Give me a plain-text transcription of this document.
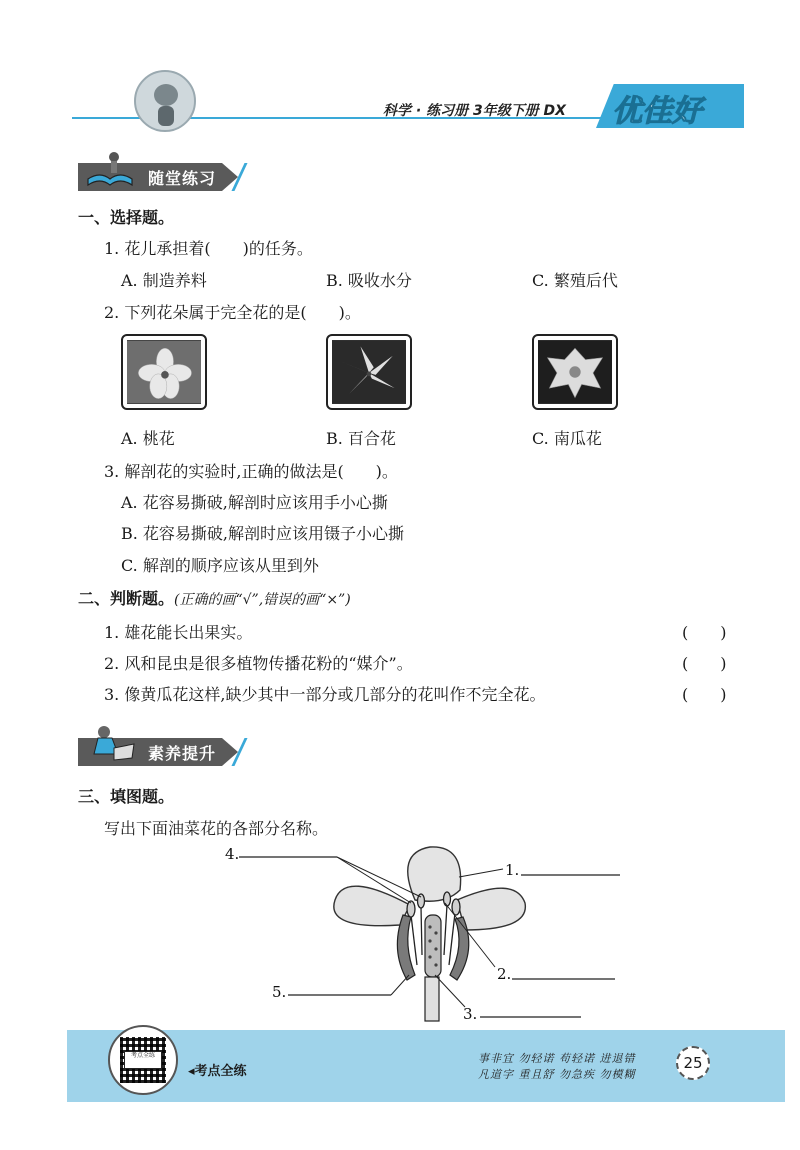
科学 · 练习册 3年级下册 DX 优佳好
随堂练习
一、选择题。
1. 花儿承担着(　　)的任务。
A. 制造养料	B. 吸收水分	C. 繁殖后代
2. 下列花朵属于完全花的是(　　)。
A. 桃花	B. 百合花	C. 南瓜花
3. 解剖花的实验时,正确的做法是(　　)。
A. 花容易撕破,解剖时应该用手小心撕
B. 花容易撕破,解剖时应该用镊子小心撕
C. 解剖的顺序应该从里到外
二、判断题。(正确的画“√”,错误的画“×”)
1. 雄花能长出果实。	(　　)
2. 风和昆虫是很多植物传播花粉的“媒介”。	(　　)
3. 像黄瓜花这样,缺少其中一部分或几部分的花叫作不完全花。	(　　)
素养提升
三、填图题。
写出下面油菜花的各部分名称。
4.
1.
2.
3.
5.
考点全练
◂考点全练
事非宜 勿轻诺 苟轻诺 进退错
凡道字 重且舒 勿急疾 勿模糊
25
